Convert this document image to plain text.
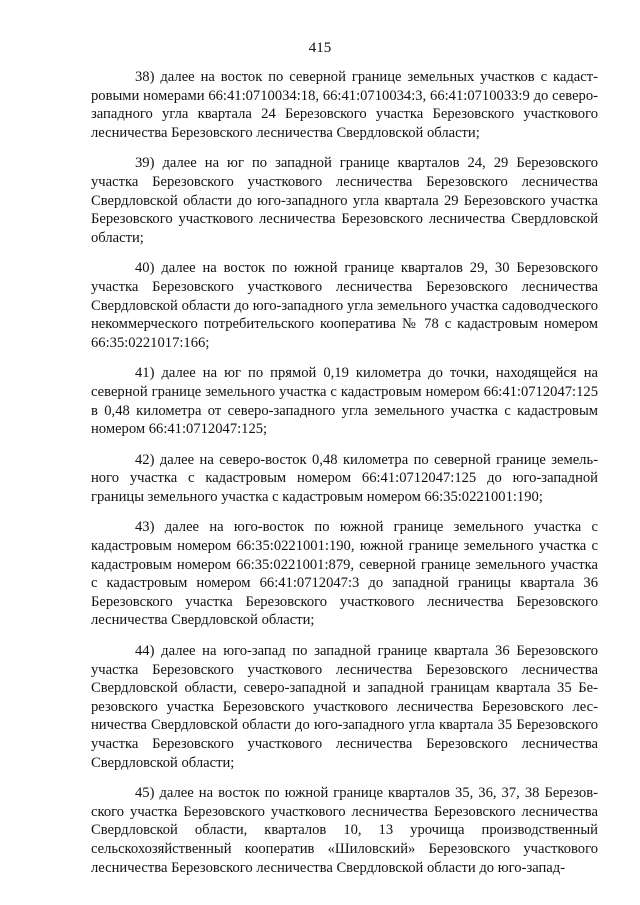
415

38) далее на восток по северной границе земельных участков с кадастровыми номерами 66:41:0710034:18, 66:41:0710034:3, 66:41:0710033:9 до северо-западного угла квартала 24 Березовского участка Березовского участкового лесничества Березовского лесничества Свердловской области;

39) далее на юг по западной границе кварталов 24, 29 Березовского участка Березовского участкового лесничества Березовского лесничества Свердловской области до юго-западного угла квартала 29 Березовского участка Березовского участкового лесничества Березовского лесничества Свердловской области;

40) далее на восток по южной границе кварталов 29, 30 Березовского участка Березовского участкового лесничества Березовского лесничества Свердловской области до юго-западного угла земельного участка садоводческого некоммерческого потребительского кооператива № 78 с кадастровым номером 66:35:0221017:166;

41) далее на юг по прямой 0,19 километра до точки, находящейся на северной границе земельного участка с кадастровым номером 66:41:0712047:125 в 0,48 километра от северо-западного угла земельного участка с кадастровым номером 66:41:0712047:125;

42) далее на северо-восток 0,48 километра по северной границе земельного участка с кадастровым номером 66:41:0712047:125 до юго-западной границы земельного участка с кадастровым номером 66:35:0221001:190;

43) далее на юго-восток по южной границе земельного участка с кадастровым номером 66:35:0221001:190, южной границе земельного участка с кадастровым номером 66:35:0221001:879, северной границе земельного участка с кадастровым номером 66:41:0712047:3 до западной границы квартала 36 Березовского участка Березовского участкового лесничества Березовского лесничества Свердловской области;

44) далее на юго-запад по западной границе квартала 36 Березовского участка Березовского участкового лесничества Березовского лесничества Свердловской области, северо-западной и западной границам квартала 35 Березовского участка Березовского участкового лесничества Березовского лесничества Свердловской области до юго-западного угла квартала 35 Березовского участка Березовского участкового лесничества Березовского лесничества Свердловской области;

45) далее на восток по южной границе кварталов 35, 36, 37, 38 Березовского участка Березовского участкового лесничества Березовского лесничества Свердловской области, кварталов 10, 13 урочища производственный сельскохозяйственный кооператив «Шиловский» Березовского участкового лесничества Березовского лесничества Свердловской области до юго-запад-
